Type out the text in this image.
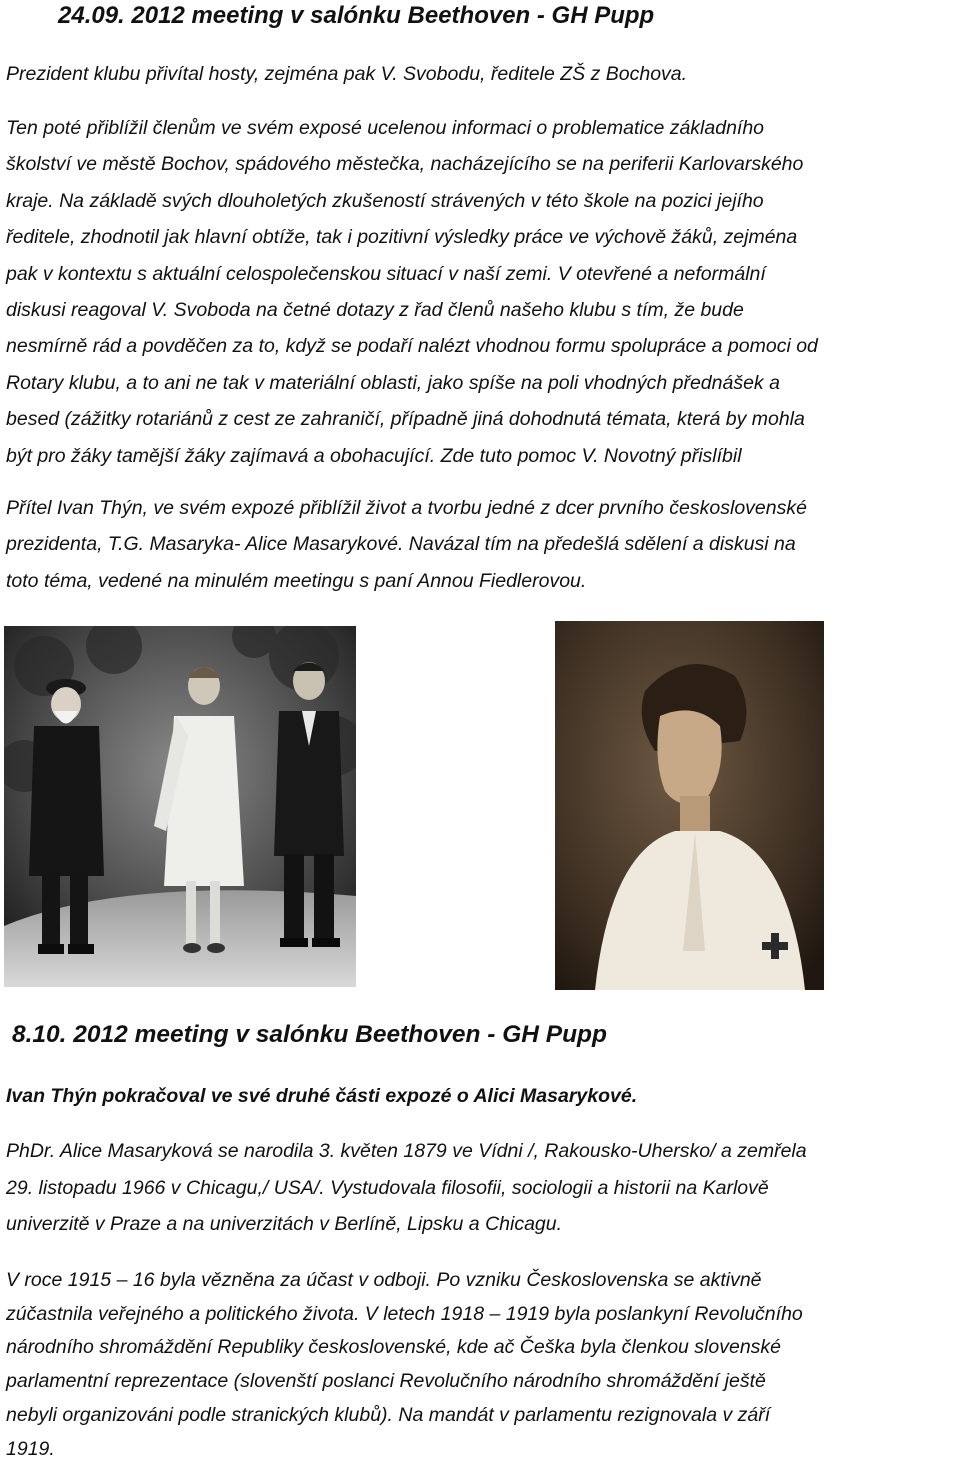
24.09. 2012 meeting v salónku Beethoven - GH Pupp

Prezident klubu přivítal hosty, zejména pak V. Svobodu, ředitele ZŠ z Bochova.

Ten poté přiblížil členům ve svém exposé ucelenou informaci o problematice základního
školství ve městě Bochov, spádového městečka, nacházejícího se na periferii Karlovarského
kraje. Na základě svých dlouholetých zkušeností strávených v této škole na pozici jejího
ředitele, zhodnotil jak hlavní obtíže, tak i pozitivní výsledky práce ve výchově žáků, zejména
pak v kontextu s aktuální celospolečenskou situací v naší zemi. V otevřené a neformální
diskusi reagoval V. Svoboda na četné dotazy z řad členů našeho klubu s tím, že bude
nesmírně rád a povděčen za to, když se podaří nalézt vhodnou formu spolupráce a pomoci od
Rotary klubu, a to ani ne tak v materiální oblasti, jako spíše na poli vhodných přednášek a
besed (zážitky rotariánů z cest ze zahraničí, případně jiná dohodnutá témata, která by mohla
být pro žáky tamější žáky zajímavá a obohacující. Zde tuto pomoc V. Novotný přislíbil
Přítel Ivan Thýn, ve svém expozé přiblížil život a tvorbu jedné z dcer prvního československé
prezidenta, T.G. Masaryka- Alice Masarykové. Navázal tím na předešlá sdělení a diskusi na
toto téma, vedené na minulém meetingu s paní Annou Fiedlerovou.
8.10. 2012 meeting v salónku Beethoven - GH Pupp

Ivan Thýn pokračoval ve své druhé části expozé o Alici Masarykové.

PhDr. Alice Masaryková se narodila 3. květen 1879 ve Vídni /, Rakousko-Uhersko/ a zemřela
29. listopadu 1966 v Chicagu,/ USA/. Vystudovala filosofii, sociologii a historii na Karlově
univerzitě v Praze a na univerzitách v Berlíně, Lipsku a Chicagu.
V roce 1915 – 16 byla vězněna za účast v odboji. Po vzniku Československa se aktivně
zúčastnila veřejného a politického života. V letech 1918 – 1919 byla poslankyní Revolučního
národního shromáždění Republiky československé, kde ač Češka byla členkou slovenské
parlamentní reprezentace (slovenští poslanci Revolučního národního shromáždění ještě
nebyli organizováni podle stranických klubů). Na mandát v parlamentu rezignovala v září
1919.
